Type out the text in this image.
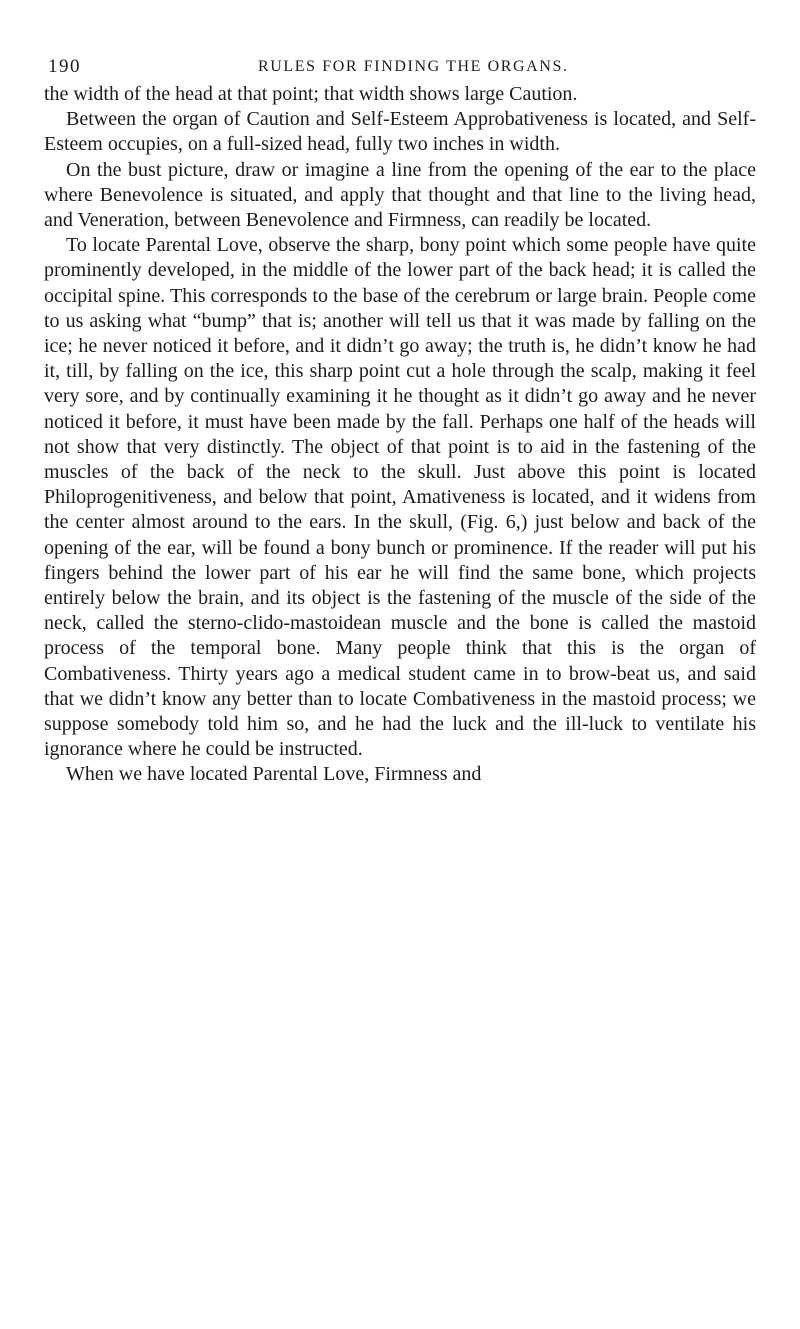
190	RULES FOR FINDING THE ORGANS.

the width of the head at that point; that width shows large Caution.

Between the organ of Caution and Self-Esteem Approbativeness is located, and Self-Esteem occupies, on a full-sized head, fully two inches in width.

On the bust picture, draw or imagine a line from the opening of the ear to the place where Benevolence is situated, and apply that thought and that line to the living head, and Veneration, between Benevolence and Firmness, can readily be located.

To locate Parental Love, observe the sharp, bony point which some people have quite prominently developed, in the middle of the lower part of the back head; it is called the occipital spine. This corresponds to the base of the cerebrum or large brain. People come to us asking what “bump” that is; another will tell us that it was made by falling on the ice; he never noticed it before, and it didn’t go away; the truth is, he didn’t know he had it, till, by falling on the ice, this sharp point cut a hole through the scalp, making it feel very sore, and by continually examining it he thought as it didn’t go away and he never noticed it before, it must have been made by the fall. Perhaps one half of the heads will not show that very distinctly. The object of that point is to aid in the fastening of the muscles of the back of the neck to the skull. Just above this point is located Philoprogenitiveness, and below that point, Amativeness is located, and it widens from the center almost around to the ears. In the skull, (Fig. 6,) just below and back of the opening of the ear, will be found a bony bunch or prominence. If the reader will put his fingers behind the lower part of his ear he will find the same bone, which projects entirely below the brain, and its object is the fastening of the muscle of the side of the neck, called the sterno-clido-mastoidean muscle and the bone is called the mastoid process of the temporal bone. Many people think that this is the organ of Combativeness. Thirty years ago a medical student came in to brow-beat us, and said that we didn’t know any better than to locate Combativeness in the mastoid process; we suppose somebody told him so, and he had the luck and the ill-luck to ventilate his ignorance where he could be instructed.

When we have located Parental Love, Firmness and
